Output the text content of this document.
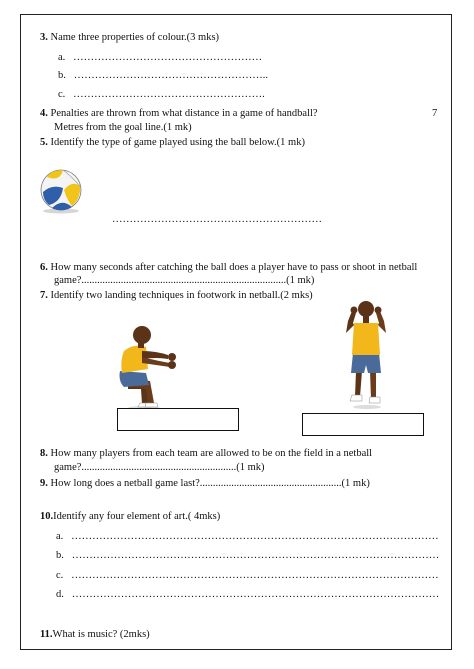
3. Name three properties of colour.(3 mks)
a. ………………………………………………
b. ………………………………………………..
c. ……………………………………………….
4. Penalties are thrown from what distance in a game of handball?	7
Metres from the goal line.(1 mk)
5. Identify the type of game played using the ball below.(1 mk)
……………………………………………………
6. How many seconds after catching the ball does a player have to pass or shoot in netball
game?..............................................................................(1 mk)
7. Identify two landing techniques in footwork in netball.(2 mks)
8. How many players from each team are allowed to be on the field in a netball
game?...........................................................(1 mk)
9. How long does a netball game last?......................................................(1 mk)
10.Identify any four element of art.( 4mks)
a. ……………………………………………………………………………………………
b. ……………………………………………………………………………………………
c. ……………………………………………………………………………………………
d. ……………………………………………………………………………………………
11.What is music? (2mks)
